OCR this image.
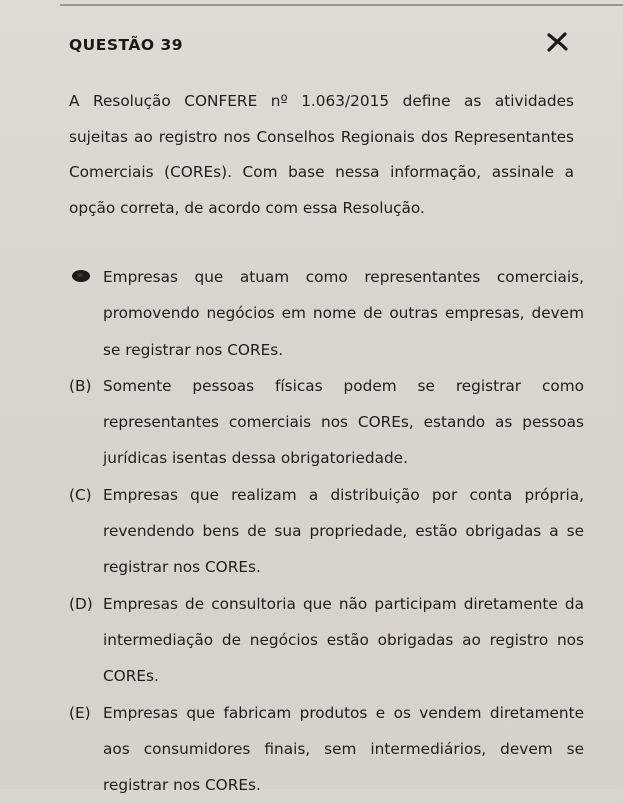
QUESTÃO 39
A Resolução CONFERE nº 1.063/2015 define as atividades sujeitas ao registro nos Conselhos Regionais dos Representantes Comerciais (COREs). Com base nessa informação, assinale a opção correta, de acordo com essa Resolução.
Empresas que atuam como representantes comerciais, promovendo negócios em nome de outras empresas, devem se registrar nos COREs.
(B) Somente pessoas físicas podem se registrar como representantes comerciais nos COREs, estando as pessoas jurídicas isentas dessa obrigatoriedade.
(C) Empresas que realizam a distribuição por conta própria, revendendo bens de sua propriedade, estão obrigadas a se registrar nos COREs.
(D) Empresas de consultoria que não participam diretamente da intermediação de negócios estão obrigadas ao registro nos COREs.
(E) Empresas que fabricam produtos e os vendem diretamente aos consumidores finais, sem intermediários, devem se registrar nos COREs.
